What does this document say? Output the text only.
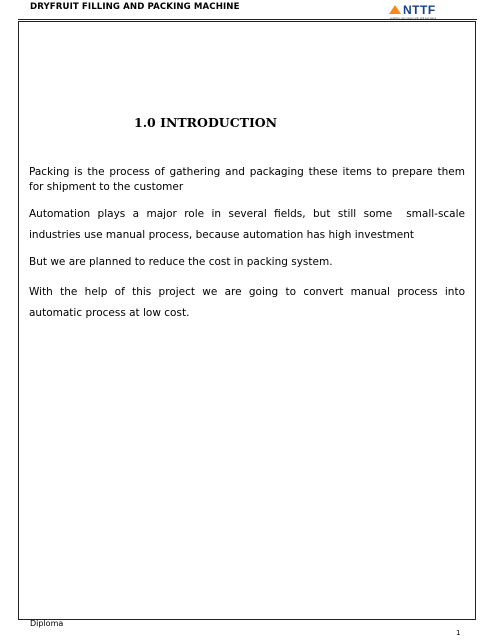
DRYFRUIT FILLING AND PACKING MACHINE	NTTF
enabling your career with skill and talent
1.0 INTRODUCTION
Packing is the process of gathering and packaging these items to prepare them for shipment to the customer
Automation plays a major role in several fields, but still some small-scale industries use manual process, because automation has high investment
But we are planned to reduce the cost in packing system.
With the help of this project we are going to convert manual process into automatic process at low cost.
Diploma
1
